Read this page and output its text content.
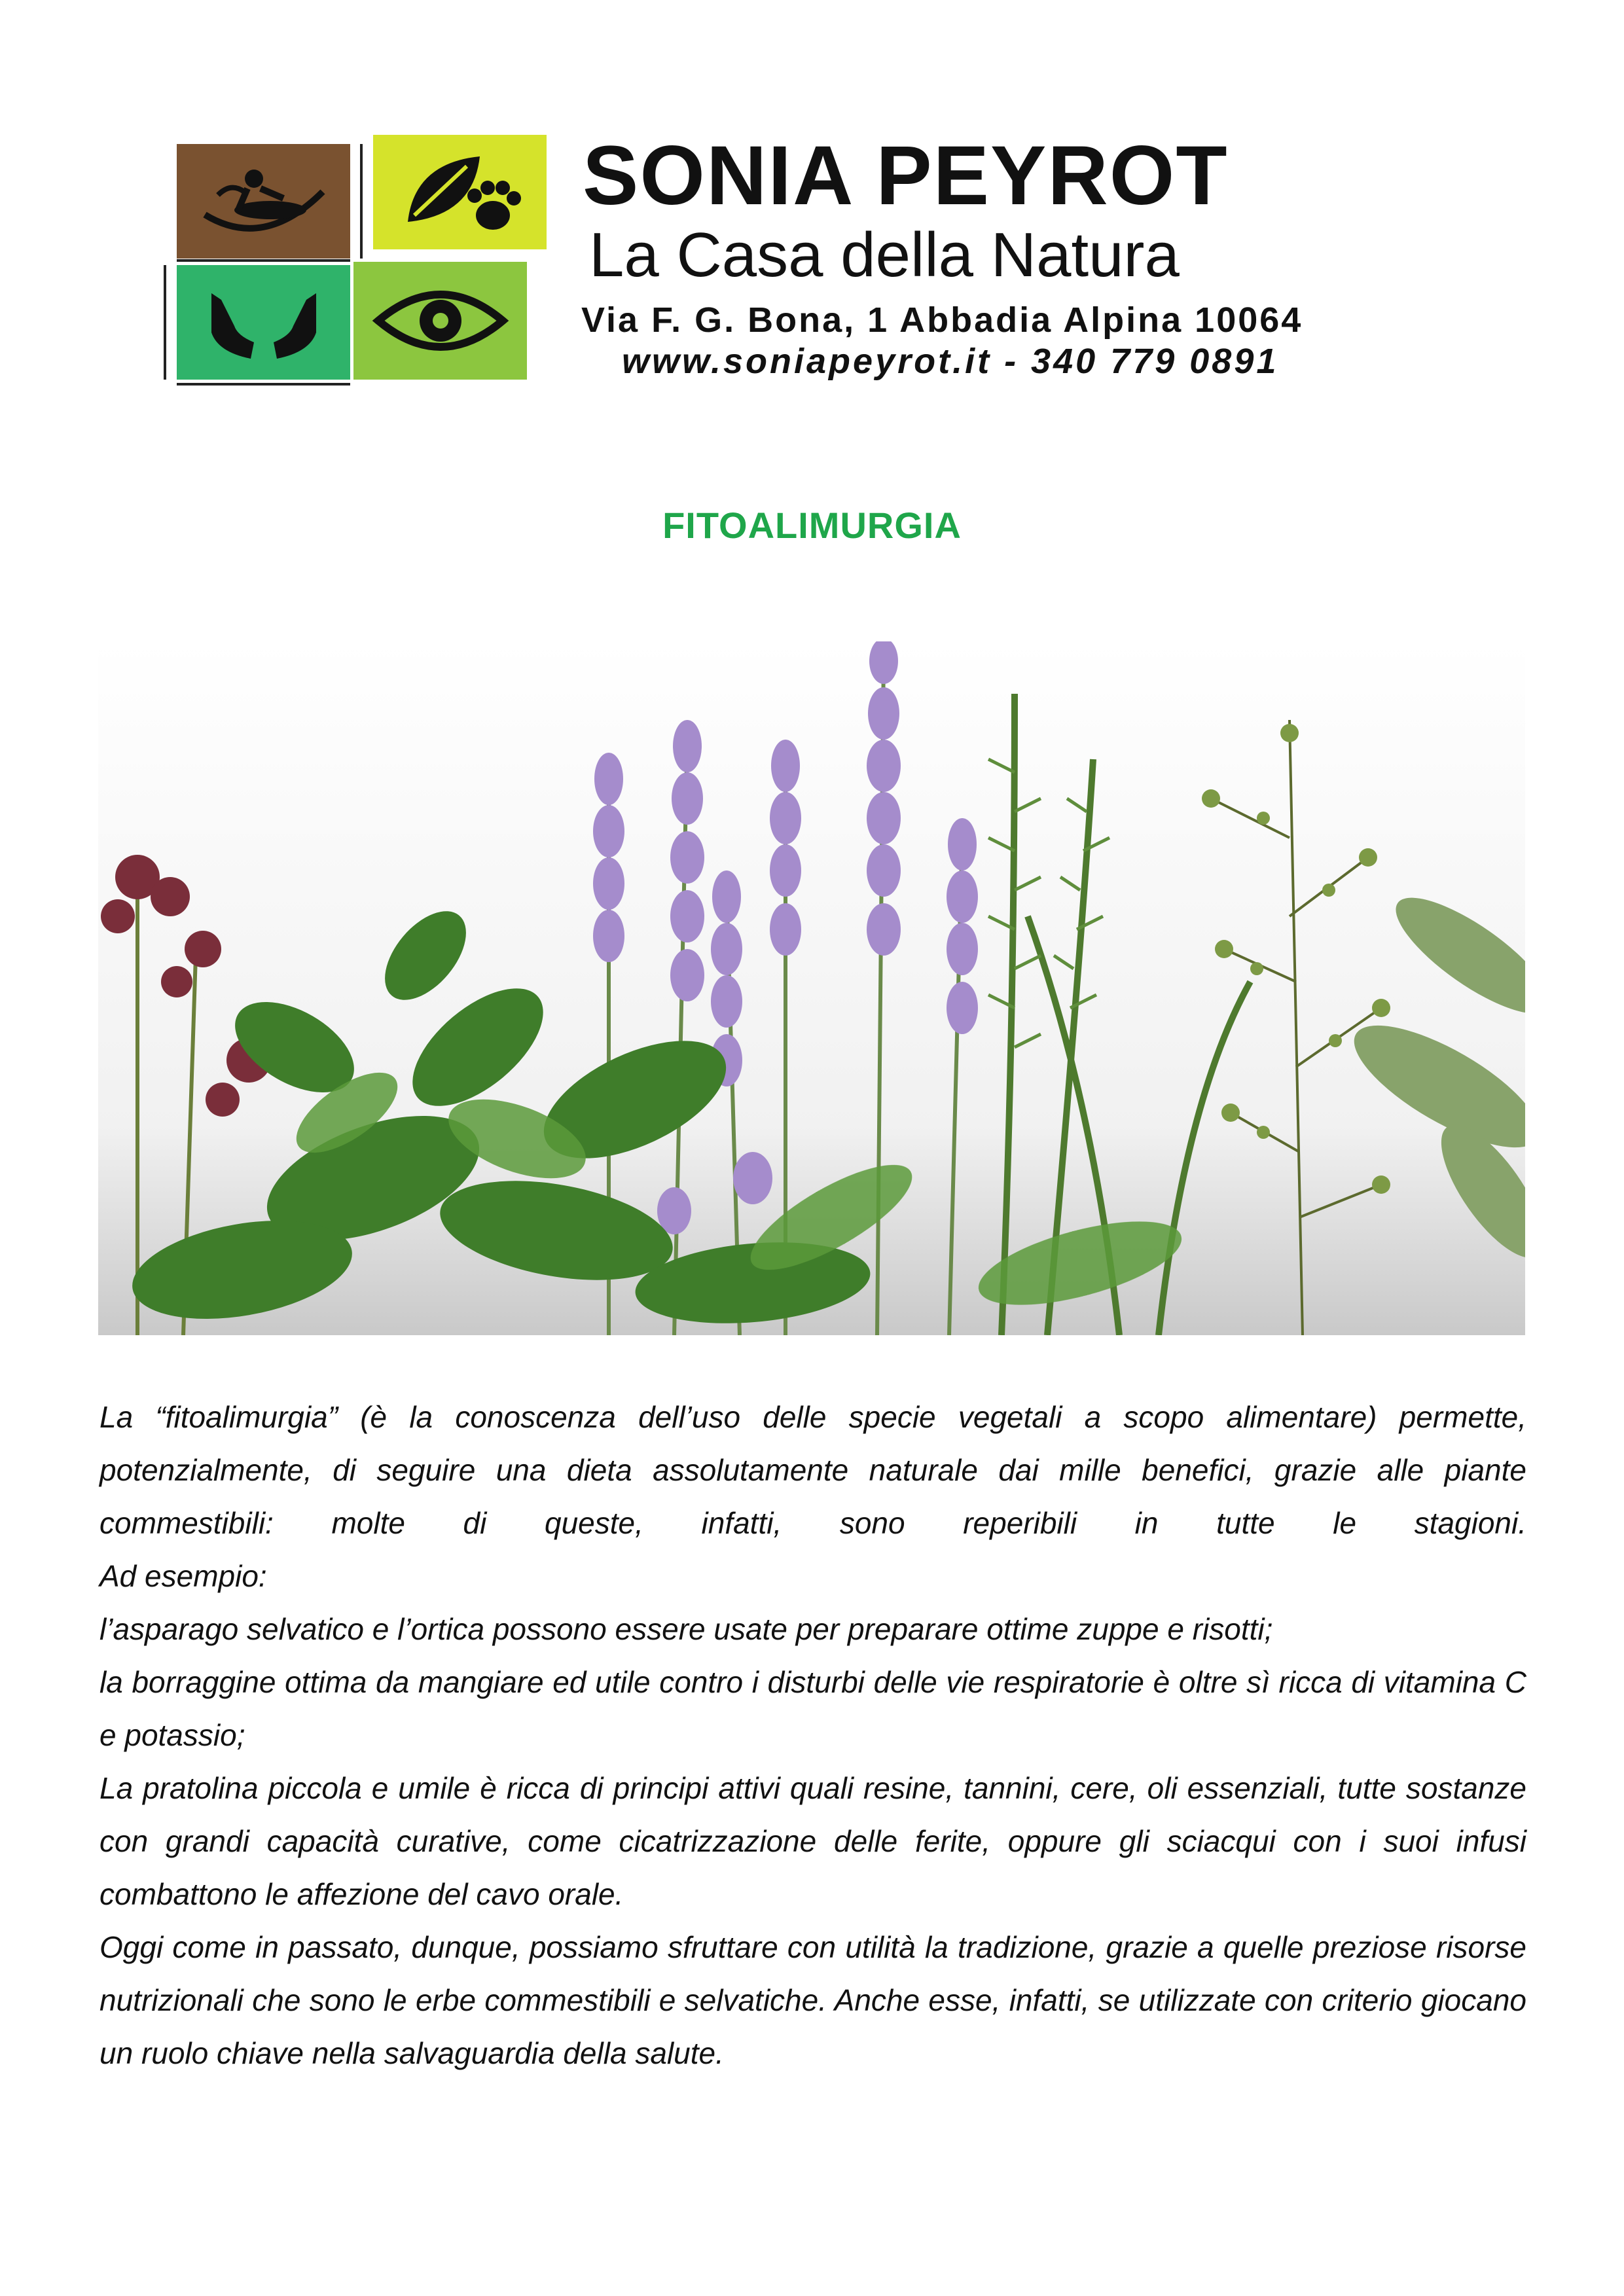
SONIA PEYROT
La Casa della Natura
Via F. G. Bona, 1 Abbadia Alpina 10064
www.soniapeyrot.it - 340 779 0891
FITOALIMURGIA

La “fitoalimurgia” (è la conoscenza dell’uso delle specie vegetali a scopo alimentare) permette, potenzialmente, di seguire una dieta assolutamente naturale dai mille benefici, grazie alle piante commestibili: molte di queste, infatti, sono reperibili in tutte le stagioni.

Ad esempio:

l’asparago selvatico e l’ortica possono essere usate per preparare ottime zuppe e risotti;

la borraggine ottima da mangiare ed utile contro i disturbi delle vie respiratorie è oltre sì ricca di vitamina C e potassio;

La pratolina piccola e umile è ricca di principi attivi quali resine, tannini, cere, oli essenziali, tutte sostanze con grandi capacità curative, come cicatrizzazione delle ferite, oppure gli sciacqui con i suoi infusi combattono le affezione del cavo orale.

Oggi come in passato, dunque, possiamo sfruttare con utilità la tradizione, grazie a quelle preziose risorse nutrizionali che sono le erbe commestibili e selvatiche. Anche esse, infatti, se utilizzate con criterio giocano un ruolo chiave nella salvaguardia della salute.
